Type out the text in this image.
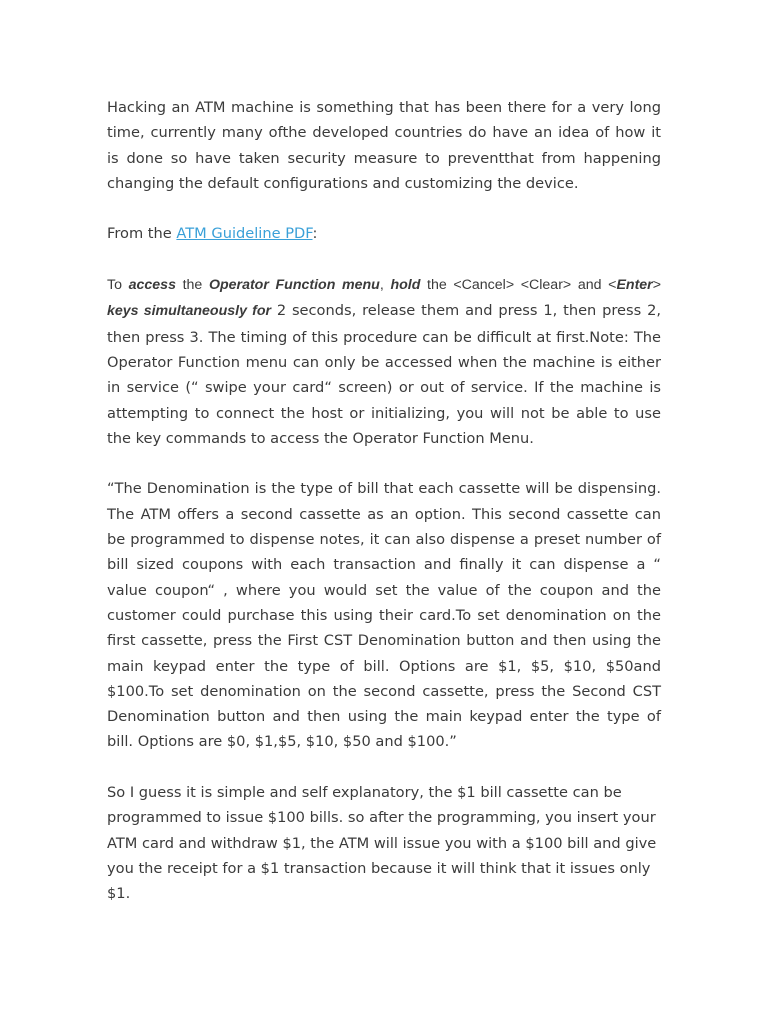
Hacking an ATM machine is something that has been there for a very long time, currently many ofthe developed countries do have an idea of how it is done so have taken security measure to preventthat from happening changing the default configurations and customizing the device.

From the ATM Guideline PDF:

To access the Operator Function menu, hold the <Cancel> <Clear> and <Enter> keys simultaneously for 2 seconds, release them and press 1, then press 2, then press 3. The timing of this procedure can be difficult at first.Note: The Operator Function menu can only be accessed when the machine is either in service (“ swipe your card“ screen) or out of service. If the machine is attempting to connect the host or initializing, you will not be able to use the key commands to access the Operator Function Menu.

“The Denomination is the type of bill that each cassette will be dispensing. The ATM offers a second cassette as an option. This second cassette can be programmed to dispense notes, it can also dispense a preset number of bill sized coupons with each transaction and finally it can dispense a “ value coupon“ , where you would set the value of the coupon and the customer could purchase this using their card.To set denomination on the first cassette, press the First CST Denomination button and then using the main keypad enter the type of bill. Options are $1, $5, $10, $50and $100.To set denomination on the second cassette, press the Second CST Denomination button and then using the main keypad enter the type of bill. Options are $0, $1,$5, $10, $50 and $100.”

So I guess it is simple and self explanatory, the $1 bill cassette can be programmed to issue $100 bills. so after the programming, you insert your ATM card and withdraw $1, the ATM will issue you with a $100 bill and give you the receipt for a $1 transaction because it will think that it issues only $1.
